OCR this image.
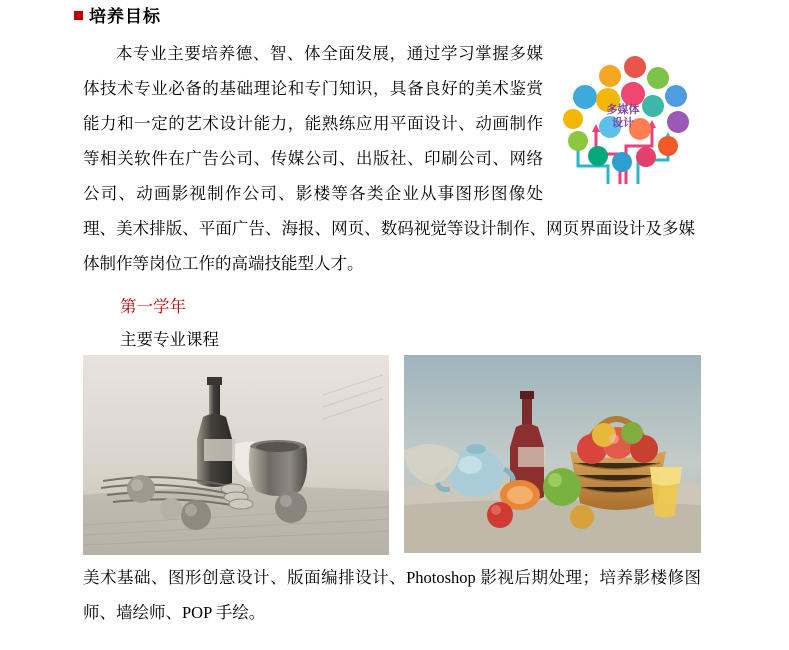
培养目标
多媒体
设计
本专业主要培养德、智、体全面发展，通过学习掌握多媒体技术专业必备的基础理论和专门知识，具备良好的美术鉴赏能力和一定的艺术设计能力，能熟练应用平面设计、动画制作等相关软件在广告公司、传媒公司、出版社、印刷公司、网络公司、动画影视制作公司、影楼等各类企业从事图形图像处理、美术排版、平面广告、海报、网页、数码视觉等设计制作、网页界面设计及多媒体制作等岗位工作的高端技能型人才。
第一学年
主要专业课程
美术基础、图形创意设计、版面编排设计、Photoshop 影视后期处理；培养影楼修图师、墙绘师、POP 手绘。
